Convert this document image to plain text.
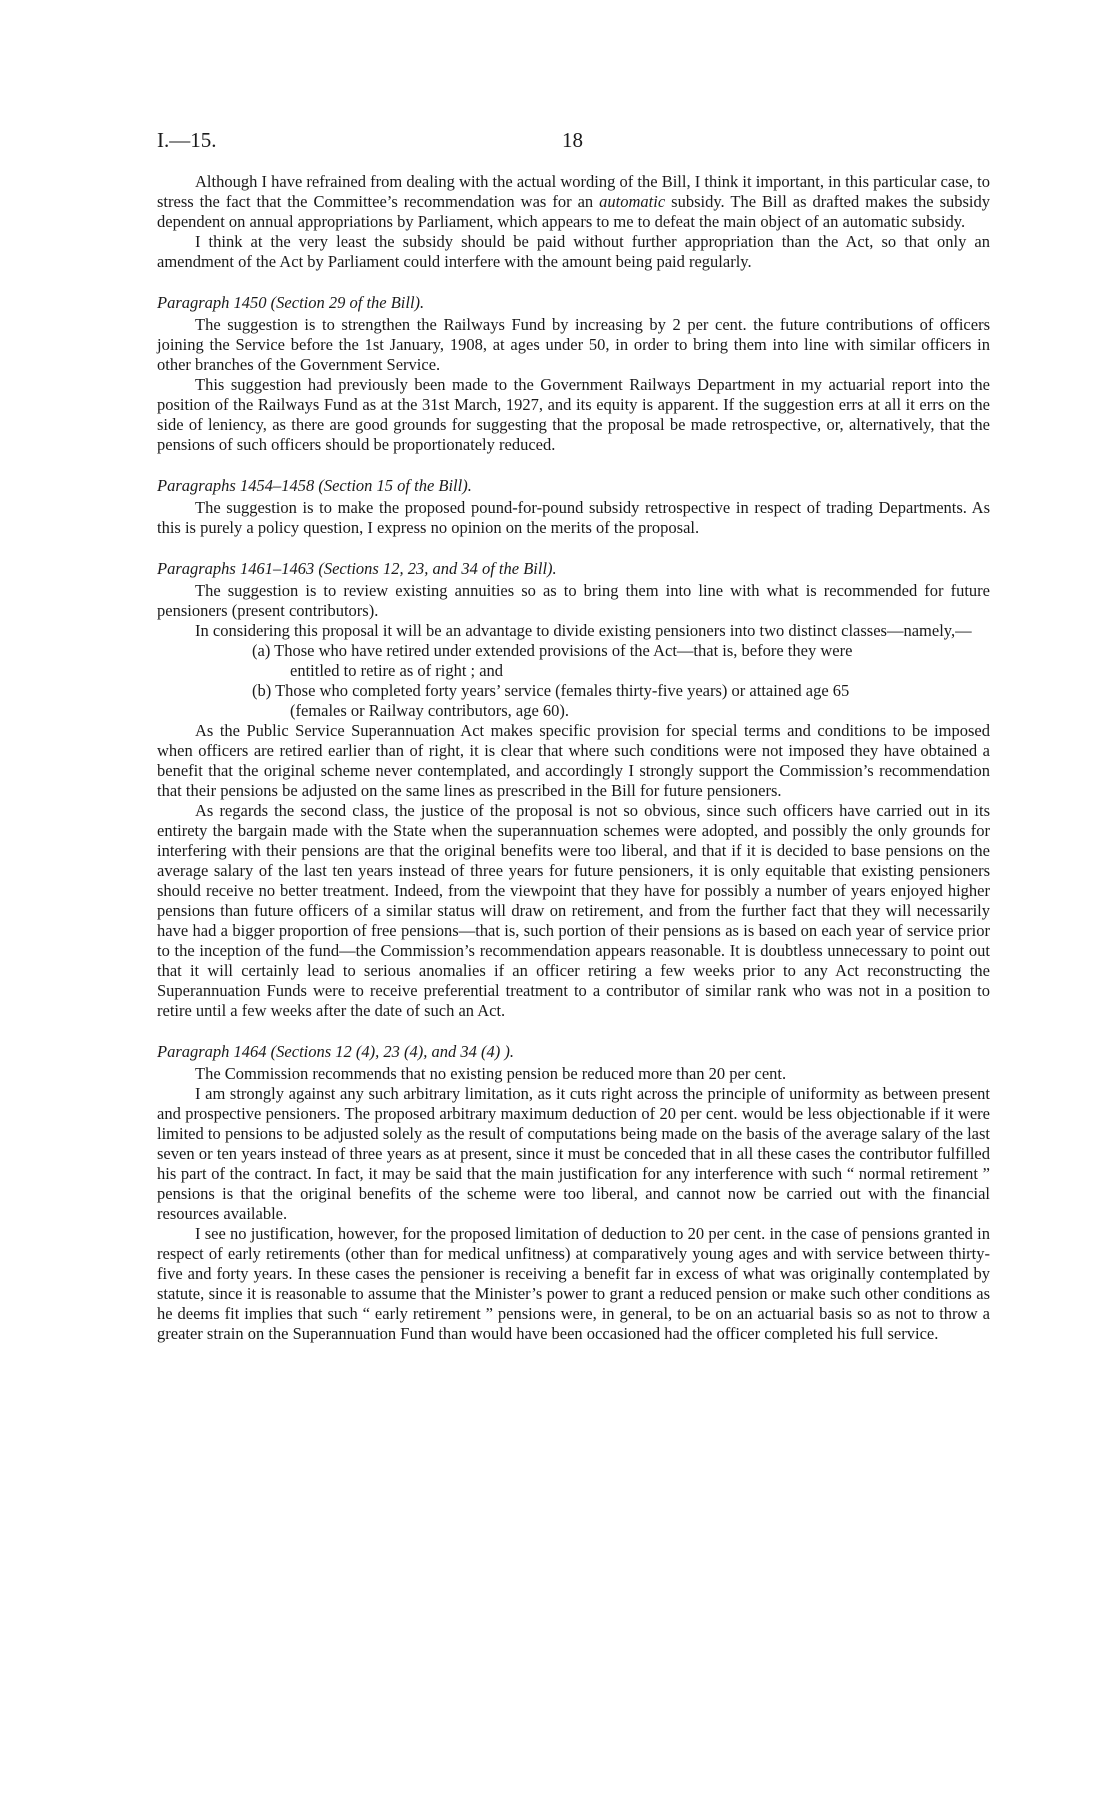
I.—15.	18

Although I have refrained from dealing with the actual wording of the Bill, I think it important, in this particular case, to stress the fact that the Committee’s recommendation was for an automatic subsidy. The Bill as drafted makes the subsidy dependent on annual appropriations by Parliament, which appears to me to defeat the main object of an automatic subsidy.

I think at the very least the subsidy should be paid without further appropriation than the Act, so that only an amendment of the Act by Parliament could interfere with the amount being paid regularly.

Paragraph 1450 (Section 29 of the Bill).

The suggestion is to strengthen the Railways Fund by increasing by 2 per cent. the future contributions of officers joining the Service before the 1st January, 1908, at ages under 50, in order to bring them into line with similar officers in other branches of the Government Service.

This suggestion had previously been made to the Government Railways Department in my actuarial report into the position of the Railways Fund as at the 31st March, 1927, and its equity is apparent. If the suggestion errs at all it errs on the side of leniency, as there are good grounds for suggesting that the proposal be made retrospective, or, alternatively, that the pensions of such officers should be proportionately reduced.

Paragraphs 1454–1458 (Section 15 of the Bill).

The suggestion is to make the proposed pound-for-pound subsidy retrospective in respect of trading Departments. As this is purely a policy question, I express no opinion on the merits of the proposal.

Paragraphs 1461–1463 (Sections 12, 23, and 34 of the Bill).

The suggestion is to review existing annuities so as to bring them into line with what is recommended for future pensioners (present contributors).

In considering this proposal it will be an advantage to divide existing pensioners into two distinct classes—namely,—

(a) Those who have retired under extended provisions of the Act—that is, before they were
entitled to retire as of right ; and
(b) Those who completed forty years’ service (females thirty-five years) or attained age 65
(females or Railway contributors, age 60).

As the Public Service Superannuation Act makes specific provision for special terms and conditions to be imposed when officers are retired earlier than of right, it is clear that where such conditions were not imposed they have obtained a benefit that the original scheme never contemplated, and accordingly I strongly support the Commission’s recommendation that their pensions be adjusted on the same lines as prescribed in the Bill for future pensioners.

As regards the second class, the justice of the proposal is not so obvious, since such officers have carried out in its entirety the bargain made with the State when the superannuation schemes were adopted, and possibly the only grounds for interfering with their pensions are that the original benefits were too liberal, and that if it is decided to base pensions on the average salary of the last ten years instead of three years for future pensioners, it is only equitable that existing pensioners should receive no better treatment. Indeed, from the viewpoint that they have for possibly a number of years enjoyed higher pensions than future officers of a similar status will draw on retirement, and from the further fact that they will necessarily have had a bigger proportion of free pensions—that is, such portion of their pensions as is based on each year of service prior to the inception of the fund—the Commission’s recommendation appears reasonable. It is doubtless unnecessary to point out that it will certainly lead to serious anomalies if an officer retiring a few weeks prior to any Act reconstructing the Superannuation Funds were to receive preferential treatment to a contributor of similar rank who was not in a position to retire until a few weeks after the date of such an Act.

Paragraph 1464 (Sections 12 (4), 23 (4), and 34 (4) ).

The Commission recommends that no existing pension be reduced more than 20 per cent.

I am strongly against any such arbitrary limitation, as it cuts right across the principle of uniformity as between present and prospective pensioners. The proposed arbitrary maximum deduction of 20 per cent. would be less objectionable if it were limited to pensions to be adjusted solely as the result of computations being made on the basis of the average salary of the last seven or ten years instead of three years as at present, since it must be conceded that in all these cases the contributor fulfilled his part of the contract. In fact, it may be said that the main justification for any interference with such “ normal retirement ” pensions is that the original benefits of the scheme were too liberal, and cannot now be carried out with the financial resources available.

I see no justification, however, for the proposed limitation of deduction to 20 per cent. in the case of pensions granted in respect of early retirements (other than for medical unfitness) at comparatively young ages and with service between thirty-five and forty years. In these cases the pensioner is receiving a benefit far in excess of what was originally contemplated by statute, since it is reasonable to assume that the Minister’s power to grant a reduced pension or make such other conditions as he deems fit implies that such “ early retirement ” pensions were, in general, to be on an actuarial basis so as not to throw a greater strain on the Superannuation Fund than would have been occasioned had the officer completed his full service.
